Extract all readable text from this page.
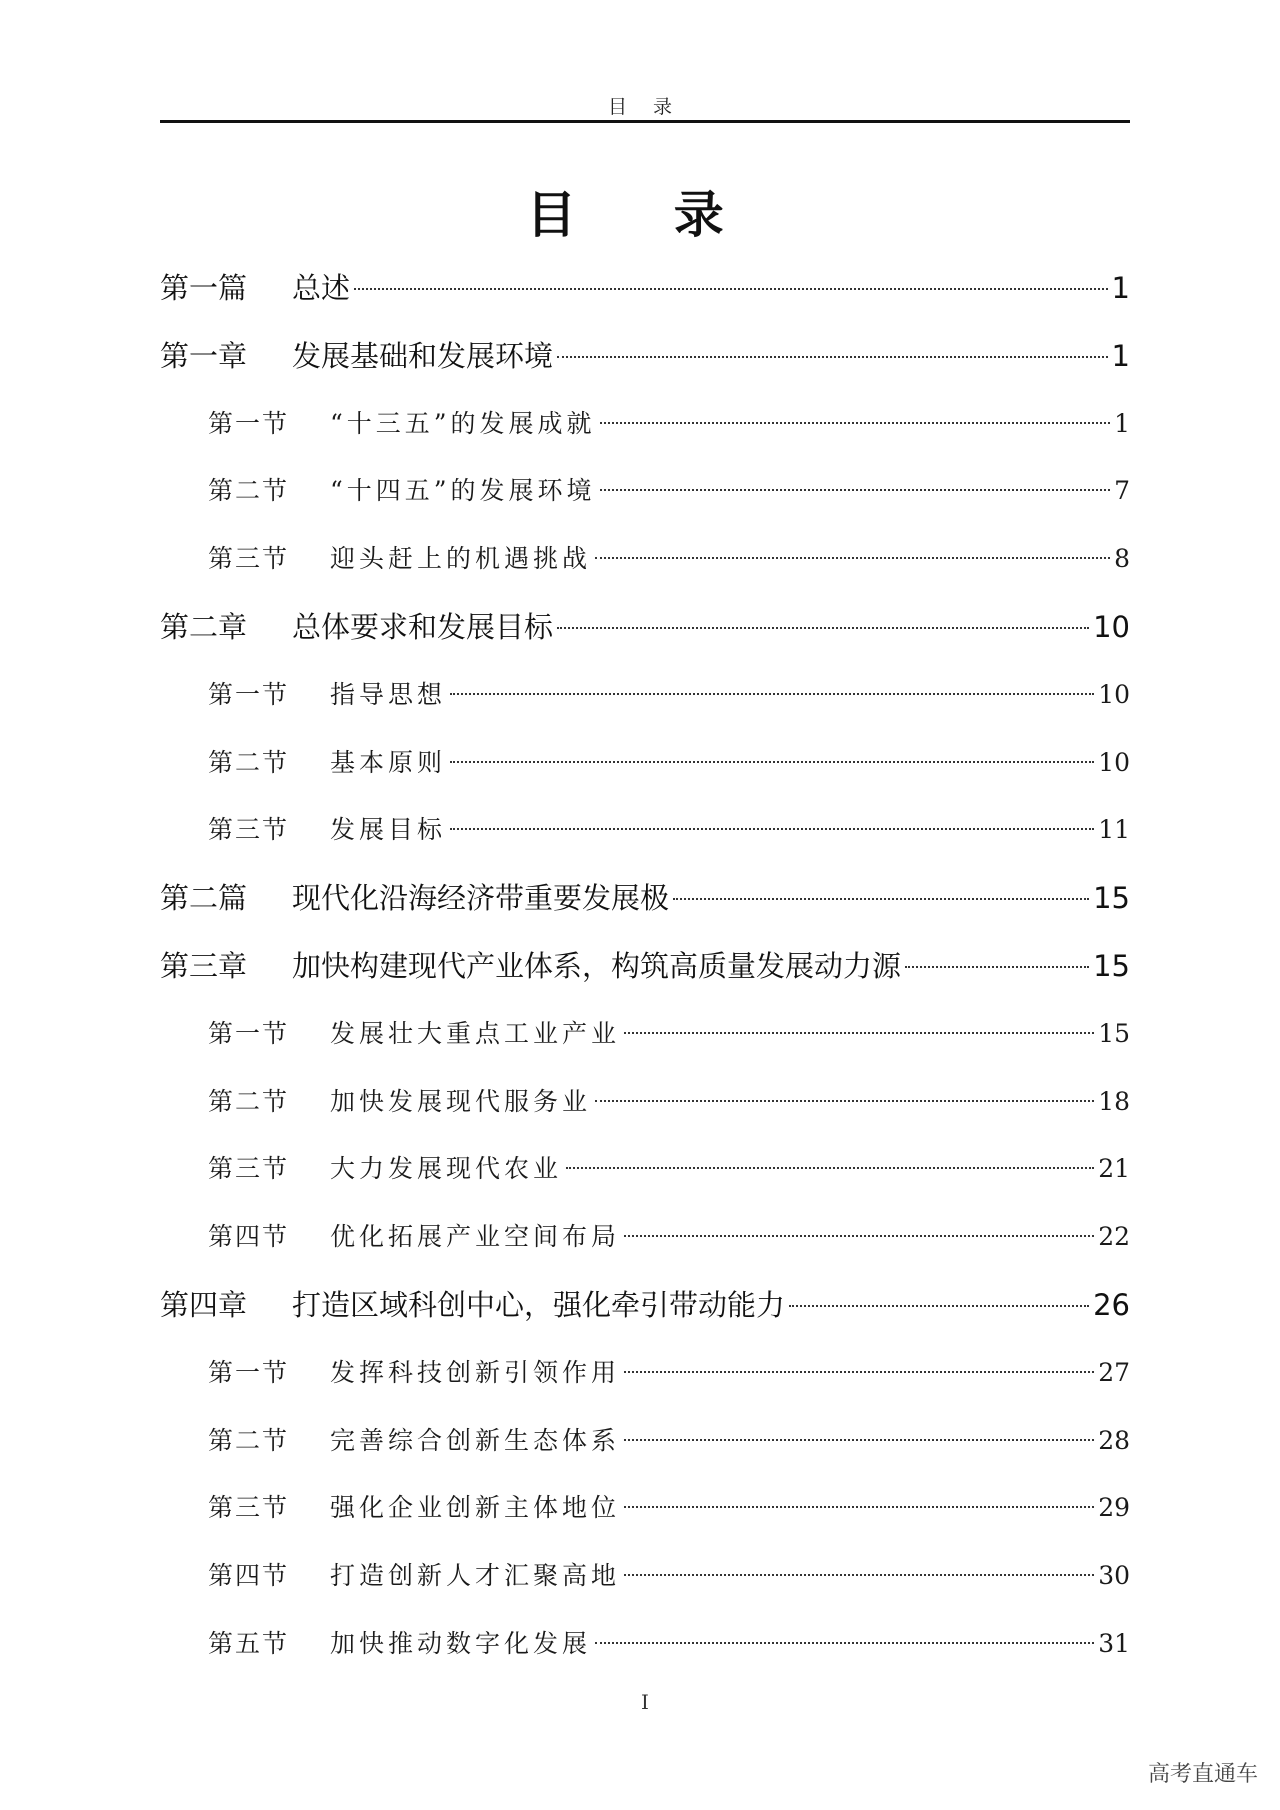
目 录
目 录
第一篇	总述	1
第一章	发展基础和发展环境	1
第一节	“十三五”的发展成就	1
第二节	“十四五”的发展环境	7
第三节	迎头赶上的机遇挑战	8
第二章	总体要求和发展目标	10
第一节	指导思想	10
第二节	基本原则	10
第三节	发展目标	11
第二篇	现代化沿海经济带重要发展极	15
第三章	加快构建现代产业体系，构筑高质量发展动力源	15
第一节	发展壮大重点工业产业	15
第二节	加快发展现代服务业	18
第三节	大力发展现代农业	21
第四节	优化拓展产业空间布局	22
第四章	打造区域科创中心，强化牵引带动能力	26
第一节	发挥科技创新引领作用	27
第二节	完善综合创新生态体系	28
第三节	强化企业创新主体地位	29
第四节	打造创新人才汇聚高地	30
第五节	加快推动数字化发展	31
I
高考直通车
